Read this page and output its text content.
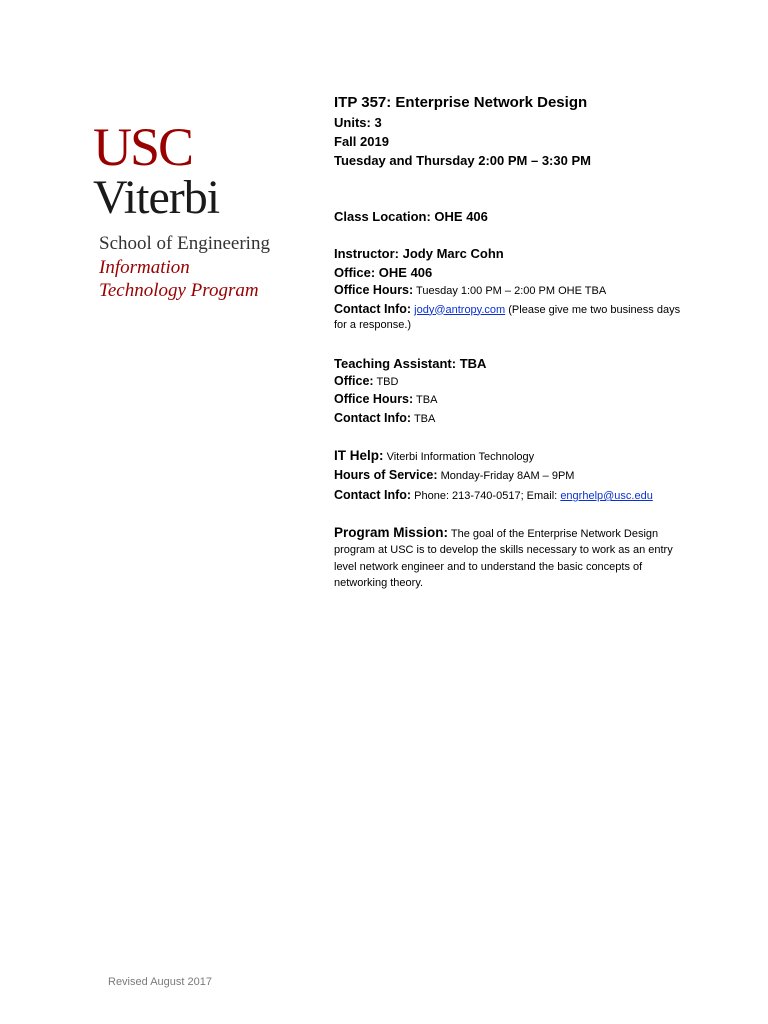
USC
Viterbi
School of Engineering
Information
Technology Program

ITP 357: Enterprise Network Design

Units: 3

Fall 2019

Tuesday and Thursday 2:00 PM – 3:30 PM

Class Location: OHE 406

Instructor: Jody Marc Cohn

Office: OHE 406

Office Hours: Tuesday 1:00 PM – 2:00 PM OHE TBA

Contact Info: jody@antropy.com (Please give me two business days

for a response.)

Teaching Assistant: TBA

Office: TBD

Office Hours: TBA

Contact Info: TBA

IT Help: Viterbi Information Technology

Hours of Service: Monday-Friday 8AM – 9PM

Contact Info: Phone: 213-740-0517; Email: engrhelp@usc.edu

Program Mission: The goal of the Enterprise Network Design
program at USC is to develop the skills necessary to work as an entry
level network engineer and to understand the basic concepts of
networking theory.

Revised August 2017
